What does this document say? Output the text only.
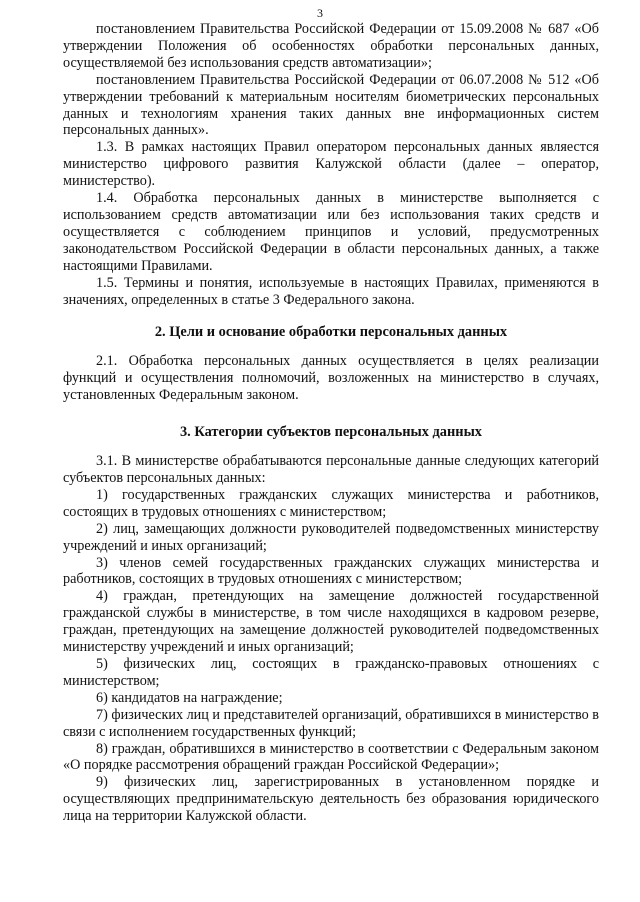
3

постановлением Правительства Российской Федерации от 15.09.2008 № 687 «Об утверждении Положения об особенностях обработки персональных данных, осуществляемой без использования средств автоматизации»;

постановлением Правительства Российской Федерации от 06.07.2008 № 512 «Об утверждении требований к материальным носителям биометрических персональных данных и технологиям хранения таких данных вне информационных систем персональных данных».

1.3. В рамках настоящих Правил оператором персональных данных являестся министерство цифрового развития Калужской области (далее – оператор, министерство).

1.4. Обработка персональных данных в министерстве выполняется с использованием средств автоматизации или без использования таких средств и осуществляется с соблюдением принципов и условий, предусмотренных законодательством Российской Федерации в области персональных данных, а также настоящими Правилами.

1.5. Термины и понятия, используемые в настоящих Правилах, применяются в значениях, определенных в статье 3 Федерального закона.

2. Цели и основание обработки персональных данных

2.1. Обработка персональных данных осуществляется в целях реализации функций и осуществления полномочий, возложенных на министерство в случаях, установленных Федеральным законом.

3. Категории субъектов персональных данных

3.1. В министерстве обрабатываются персональные данные следующих категорий субъектов персональных данных:

1) государственных гражданских служащих министерства и работников, состоящих в трудовых отношениях с министерством;

2) лиц, замещающих должности руководителей подведомственных министерству учреждений и иных организаций;

3) членов семей государственных гражданских служащих министерства и работников, состоящих в трудовых отношениях с министерством;

4) граждан, претендующих на замещение должностей государственной гражданской службы в министерстве, в том числе находящихся в кадровом резерве, граждан, претендующих на замещение должностей руководителей подведомственных министерству учреждений и иных организаций;

5) физических лиц, состоящих в гражданско-правовых отношениях с министерством;

6) кандидатов на награждение;

7) физических лиц и представителей организаций, обратившихся в министерство в связи с исполнением государственных функций;

8) граждан, обратившихся в министерство в соответствии с Федеральным законом «О порядке рассмотрения обращений граждан Российской Федерации»;

9) физических лиц, зарегистрированных в установленном порядке и осуществляющих предпринимательскую деятельность без образования юридического лица на территории Калужской области.
